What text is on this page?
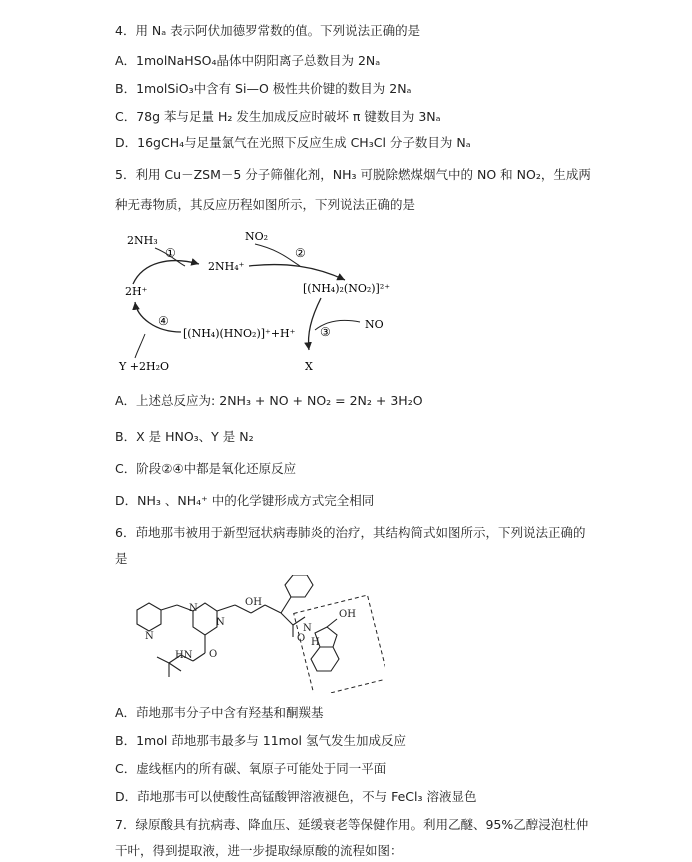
4．用 Nₐ 表示阿伏加德罗常数的值。下列说法正确的是
A．1molNaHSO₄晶体中阴阳离子总数目为 2Nₐ
B．1molSiO₃中含有 Si—O 极性共价键的数目为 2Nₐ
C．78g 苯与足量 H₂ 发生加成反应时破坏 π 键数目为 3Nₐ
D．16gCH₄与足量氯气在光照下反应生成 CH₃Cl 分子数目为 Nₐ
5．利用 Cu－ZSM－5 分子筛催化剂，NH₃ 可脱除燃煤烟气中的 NO 和 NO₂，生成两
种无毒物质，其反应历程如图所示，下列说法正确的是
2NH₃
2NH₄⁺
2H⁺
NO₂
[(NH₄)₂(NO₂)]²⁺
NO
[(NH₄)(HNO₂)]⁺+H⁺
X
Y +2H₂O
①	②
③
④
A．上述总反应为: 2NH₃ + NO + NO₂ = 2N₂ + 3H₂O
B．X 是 HNO₃、Y 是 N₂
C．阶段②④中都是氧化还原反应
D．NH₃ 、NH₄⁺ 中的化学键形成方式完全相同
6．茚地那韦被用于新型冠状病毒肺炎的治疗，其结构简式如图所示，下列说法正确的
是
N
N
N
OH
OH
O
O
HN
N
H
A．茚地那韦分子中含有羟基和酮羰基
B．1mol 茚地那韦最多与 11mol 氢气发生加成反应
C．虚线框内的所有碳、氧原子可能处于同一平面
D．茚地那韦可以使酸性高锰酸钾溶液褪色，不与 FeCl₃ 溶液显色
7．绿原酸具有抗病毒、降血压、延缓衰老等保健作用。利用乙醚、95%乙醇浸泡杜仲
干叶，得到提取液，进一步提取绿原酸的流程如图：
